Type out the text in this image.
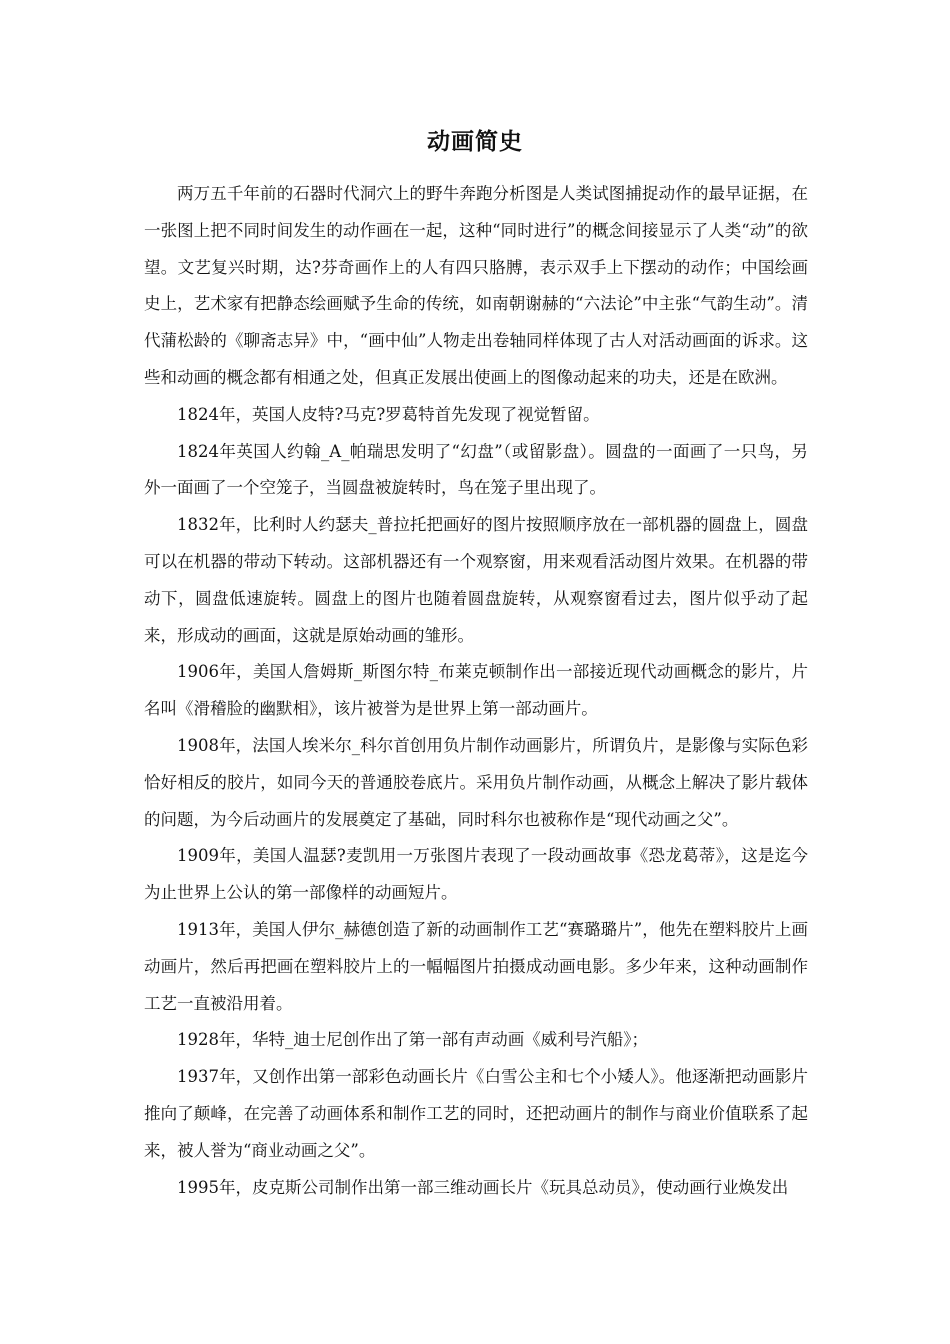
动画简史

两万五千年前的石器时代洞穴上的野牛奔跑分析图是人类试图捕捉动作的最早证据，在一张图上把不同时间发生的动作画在一起，这种“同时进行”的概念间接显示了人类“动”的欲望。文艺复兴时期，达?芬奇画作上的人有四只胳膊，表示双手上下摆动的动作；中国绘画史上，艺术家有把静态绘画赋予生命的传统，如南朝谢赫的“六法论”中主张“气韵生动”。清代蒲松龄的《聊斋志异》中，“画中仙”人物走出卷轴同样体现了古人对活动画面的诉求。这些和动画的概念都有相通之处，但真正发展出使画上的图像动起来的功夫，还是在欧洲。

1824年，英国人皮特?马克?罗葛特首先发现了视觉暂留。

1824年英国人约翰_A_帕瑞思发明了“幻盘”（或留影盘）。圆盘的一面画了一只鸟，另外一面画了一个空笼子，当圆盘被旋转时，鸟在笼子里出现了。

1832年，比利时人约瑟夫_普拉托把画好的图片按照顺序放在一部机器的圆盘上，圆盘可以在机器的带动下转动。这部机器还有一个观察窗，用来观看活动图片效果。在机器的带动下，圆盘低速旋转。圆盘上的图片也随着圆盘旋转，从观察窗看过去，图片似乎动了起来，形成动的画面，这就是原始动画的雏形。

1906年，美国人詹姆斯_斯图尔特_布莱克顿制作出一部接近现代动画概念的影片，片名叫《滑稽脸的幽默相》，该片被誉为是世界上第一部动画片。

1908年，法国人埃米尔_科尔首创用负片制作动画影片，所谓负片，是影像与实际色彩恰好相反的胶片，如同今天的普通胶卷底片。采用负片制作动画，从概念上解决了影片载体的问题，为今后动画片的发展奠定了基础，同时科尔也被称作是“现代动画之父”。

1909年，美国人温瑟?麦凯用一万张图片表现了一段动画故事《恐龙葛蒂》，这是迄今为止世界上公认的第一部像样的动画短片。

1913年，美国人伊尔_赫德创造了新的动画制作工艺“赛璐璐片”，他先在塑料胶片上画动画片，然后再把画在塑料胶片上的一幅幅图片拍摄成动画电影。多少年来，这种动画制作工艺一直被沿用着。

1928年，华特_迪士尼创作出了第一部有声动画《威利号汽船》；

1937年，又创作出第一部彩色动画长片《白雪公主和七个小矮人》。他逐渐把动画影片推向了颠峰，在完善了动画体系和制作工艺的同时，还把动画片的制作与商业价值联系了起来，被人誉为“商业动画之父”。

1995年，皮克斯公司制作出第一部三维动画长片《玩具总动员》，使动画行业焕发出
